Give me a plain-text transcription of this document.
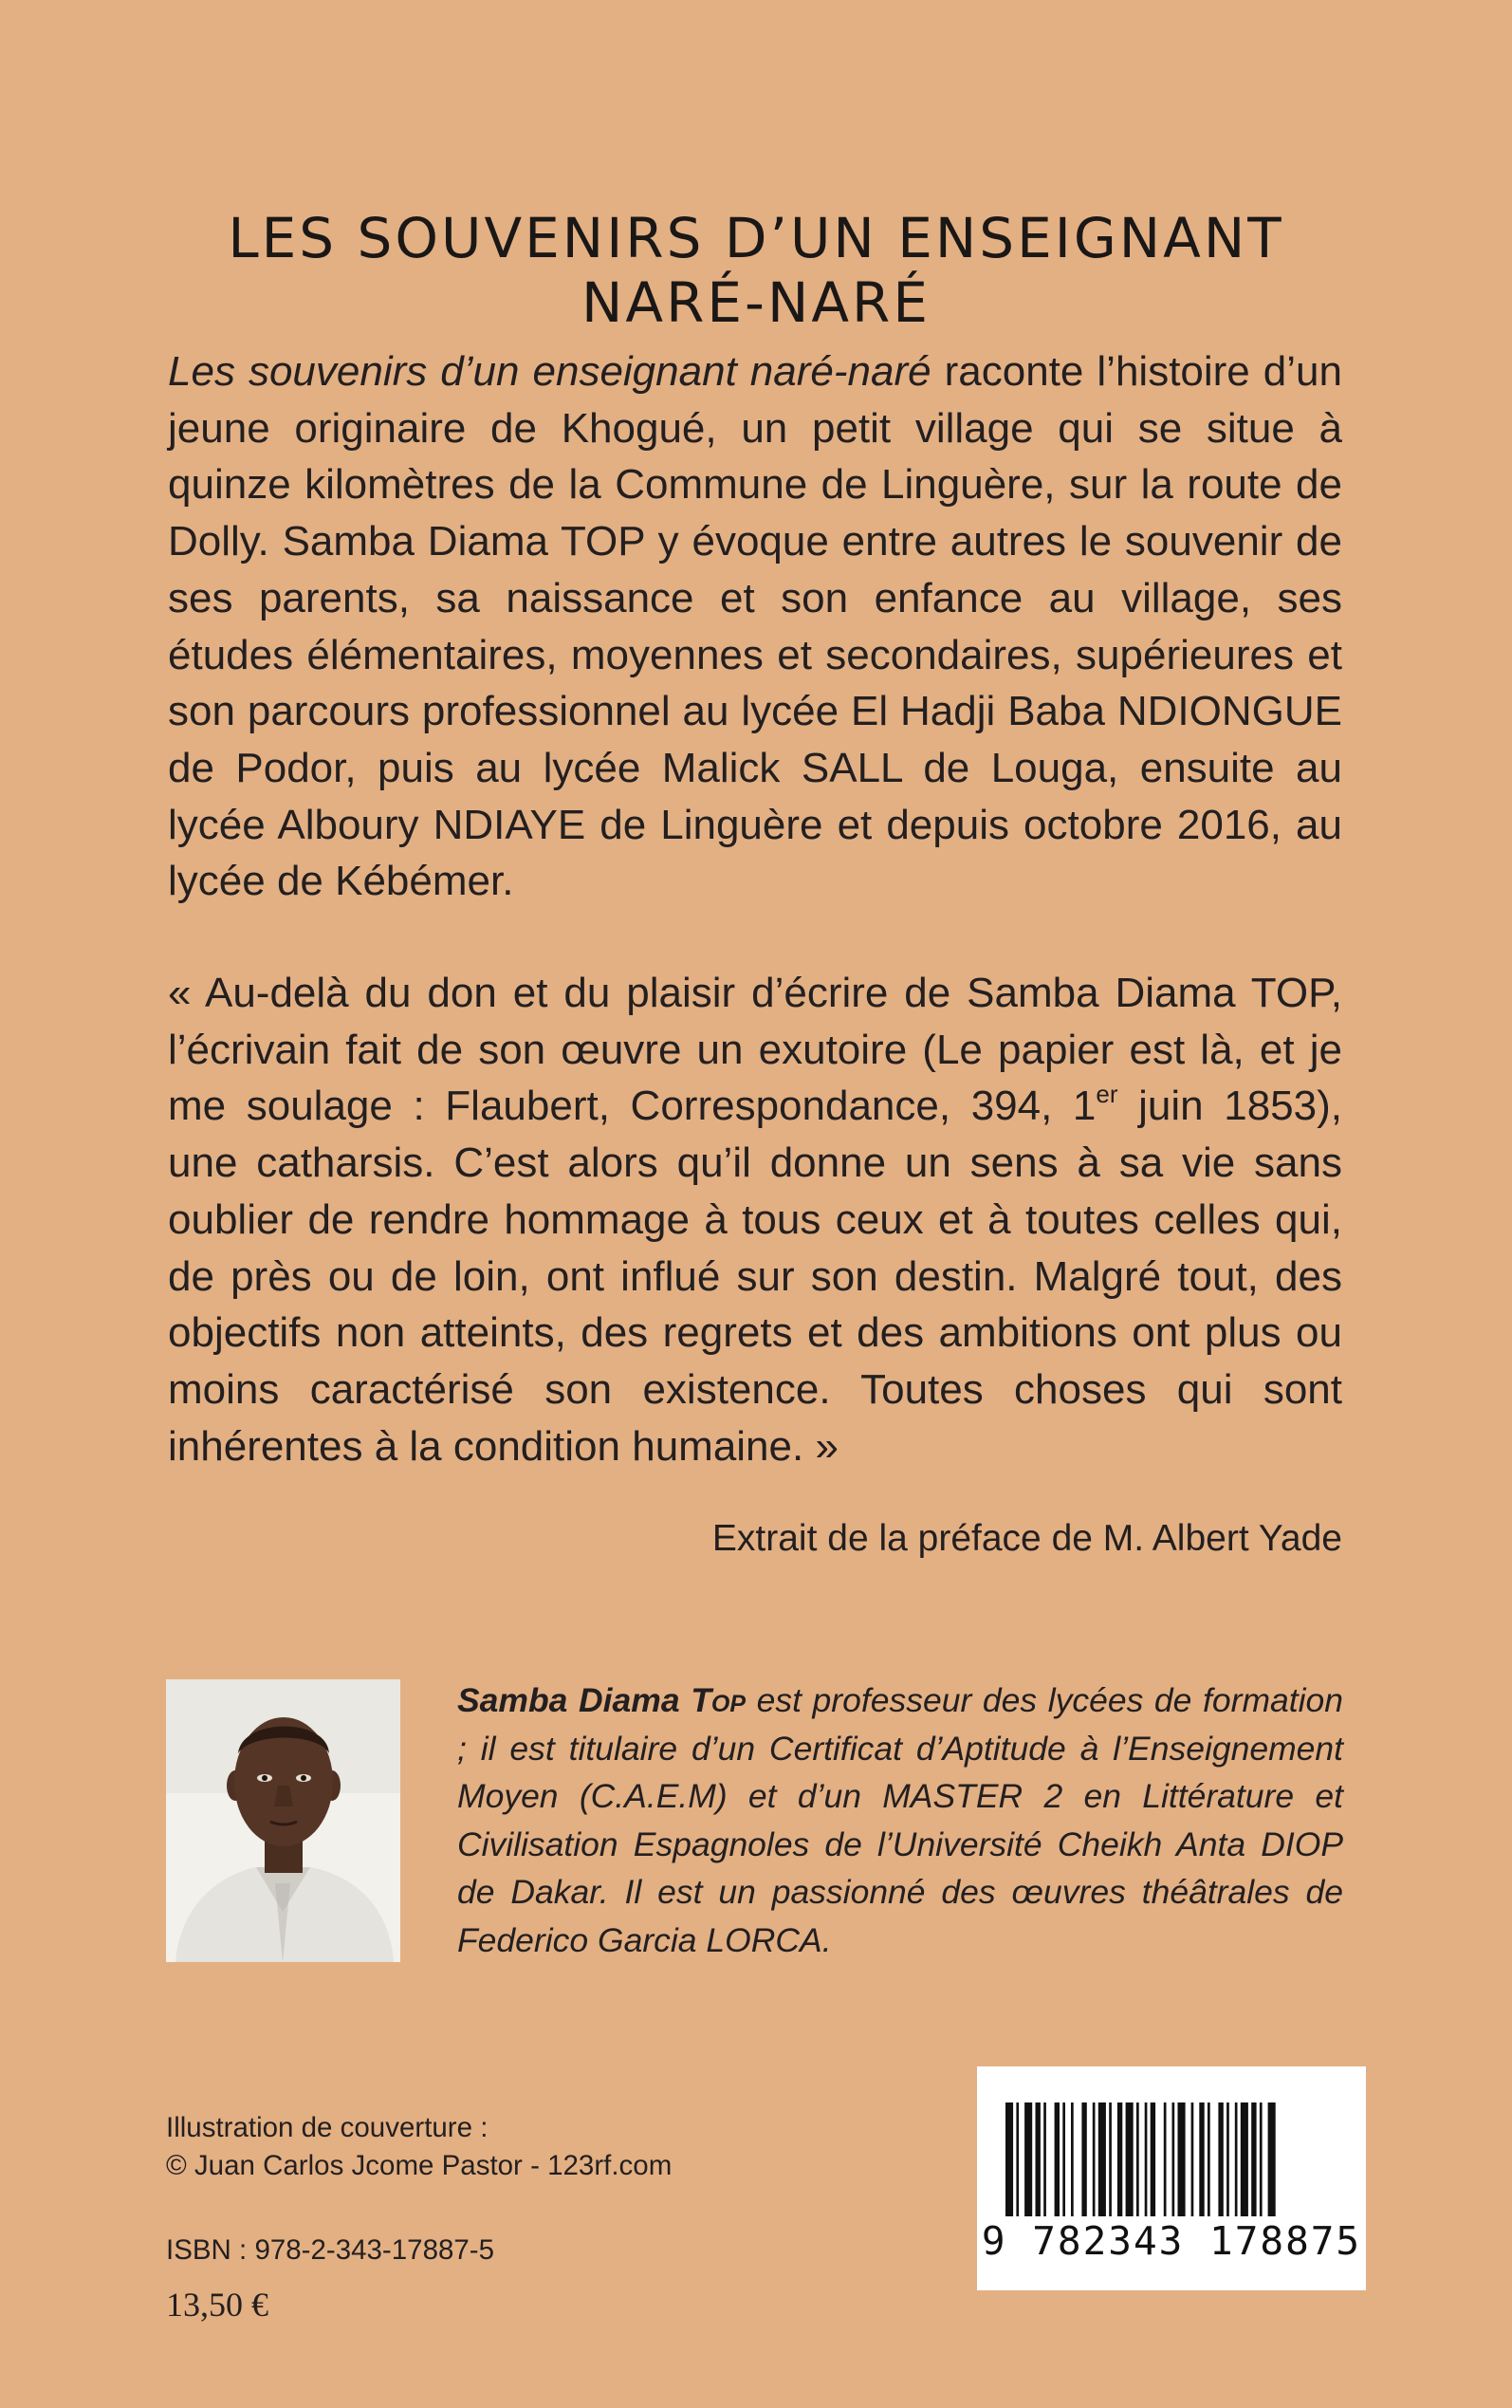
LES SOUVENIRS D’UN ENSEIGNANT NARÉ-NARÉ

Les souvenirs d’un enseignant naré-naré raconte l’histoire d’un jeune originaire de Khogué, un petit village qui se situe à quinze kilomètres de la Commune de Linguère, sur la route de Dolly. Samba Diama TOP y évoque entre autres le souvenir de ses parents, sa naissance et son enfance au village, ses études élémentaires, moyennes et secondaires, supérieures et son parcours professionnel au lycée El Hadji Baba NDIONGUE de Podor, puis au lycée Malick SALL de Louga, ensuite au lycée Alboury NDIAYE de Linguère et depuis octobre 2016, au lycée de Kébémer.

« Au-delà du don et du plaisir d’écrire de Samba Diama TOP, l’écrivain fait de son œuvre un exutoire (Le papier est là, et je me soulage : Flaubert, Correspondance, 394, 1er juin 1853), une catharsis. C’est alors qu’il donne un sens à sa vie sans oublier de rendre hommage à tous ceux et à toutes celles qui, de près ou de loin, ont influé sur son destin. Malgré tout, des objectifs non atteints, des regrets et des ambitions ont plus ou moins caractérisé son existence. Toutes choses qui sont inhérentes à la condition humaine. »

Extrait de la préface de M. Albert Yade

Samba Diama Top est professeur des lycées de formation ; il est titulaire d’un Certificat d’Aptitude à l’Enseignement Moyen (C.A.E.M) et d’un MASTER 2 en Littérature et Civilisation Espagnoles de l’Université Cheikh Anta DIOP de Dakar. Il est un passionné des œuvres théâtrales de Federico Garcia LORCA.

Illustration de couverture :
© Juan Carlos Jcome Pastor - 123rf.com
ISBN : 978-2-343-17887-5
13,50 €
9 782343 178875
